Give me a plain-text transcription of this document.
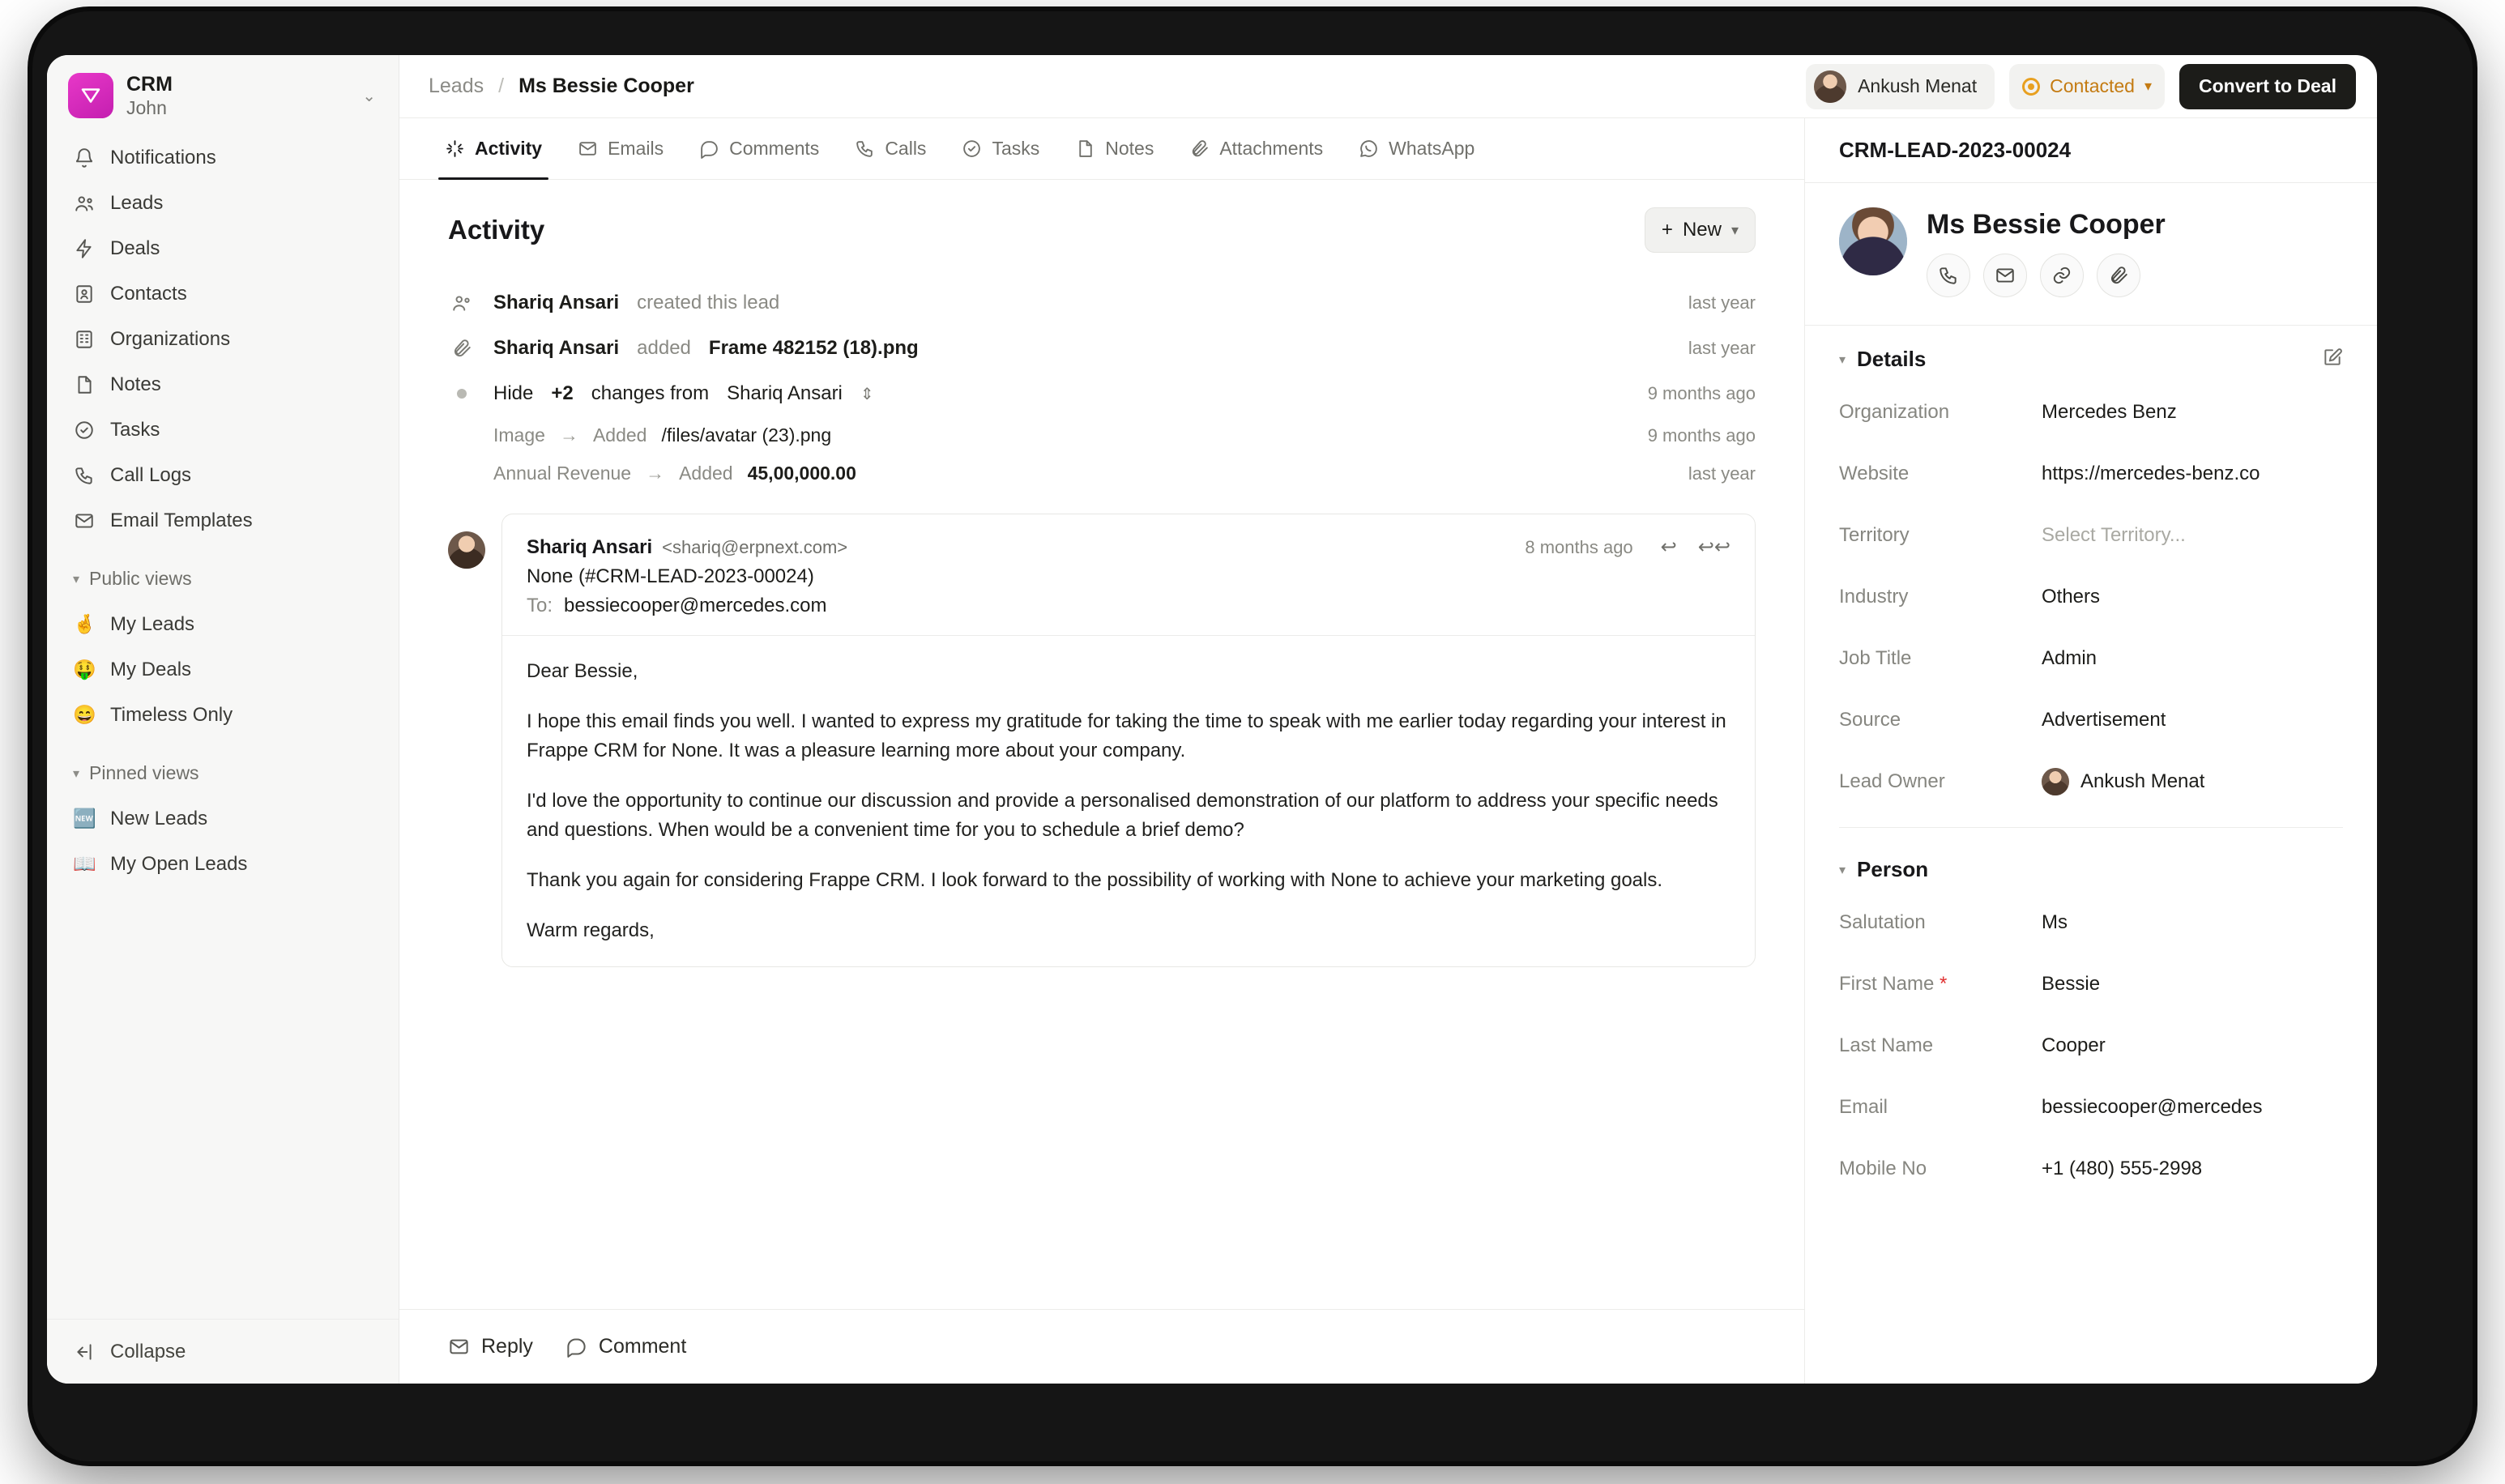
CRM
John
⌄
Notifications
Leads
Deals
Contacts
Organizations
Notes
Tasks
Call Logs
Email Templates
▾ Public views
🤞 My Leads
🤑 My Deals
😄 Timeless Only
▾ Pinned views
🆕 New Leads
📖 My Open Leads
Collapse
Leads / Ms Bessie Cooper	Ankush Menat	Contacted ▾	Convert to Deal
Activity	Emails	Comments	Calls	Tasks	Notes	Attachments	WhatsApp
Activity	+ New ▾
Shariq Ansari created this lead	last year
Shariq Ansari added Frame 482152 (18).png	last year
Hide +2 changes from Shariq Ansari ⇕	9 months ago
Image → Added /files/avatar (23).png	9 months ago
Annual Revenue → Added 45,00,000.00	last year
Shariq Ansari <shariq@erpnext.com>	8 months ago ↩ ↩↩
None (#CRM-LEAD-2023-00024)
To: bessiecooper@mercedes.com

Dear Bessie,

I hope this email finds you well. I wanted to express my gratitude for taking the time to speak with me earlier today regarding your interest in Frappe CRM for None. It was a pleasure learning more about your company.

I'd love the opportunity to continue our discussion and provide a personalised demonstration of our platform to address your specific needs and questions. When would be a convenient time for you to schedule a brief demo?

Thank you again for considering Frappe CRM. I look forward to the possibility of working with None to achieve your marketing goals.

Warm regards,

Reply	Comment
CRM-LEAD-2023-00024
Ms Bessie Cooper
▾ Details
Organization	Mercedes Benz
Website	https://mercedes-benz.co
Territory	Select Territory...
Industry	Others
Job Title	Admin
Source	Advertisement
Lead Owner	Ankush Menat
▾ Person
Salutation	Ms
First Name *	Bessie
Last Name	Cooper
Email	bessiecooper@mercedes
Mobile No	+1 (480) 555-2998
